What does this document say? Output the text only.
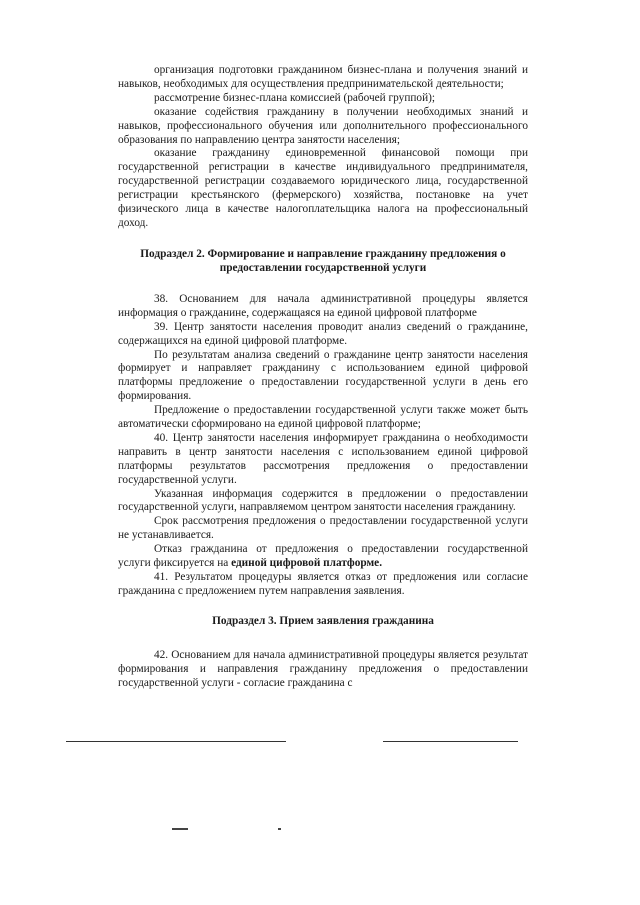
организация подготовки гражданином бизнес-плана и получения знаний и навыков, необходимых для осуществления предпринимательской деятельности;

рассмотрение бизнес-плана комиссией (рабочей группой);

оказание содействия гражданину в получении необходимых знаний и навыков, профессионального обучения или дополнительного профессионального образования по направлению центра занятости населения;

оказание гражданину единовременной финансовой помощи при государственной регистрации в качестве индивидуального предпринимателя, государственной регистрации создаваемого юридического лица, государственной регистрации крестьянского (фермерского) хозяйства, постановке на учет физического лица в качестве налогоплательщика налога на профессиональный доход.

Подраздел 2. Формирование и направление гражданину предложения о
предоставлении государственной услуги

38. Основанием для начала административной процедуры является информация о гражданине, содержащаяся на единой цифровой платформе

39. Центр занятости населения проводит анализ сведений о гражданине, содержащихся на единой цифровой платформе.

По результатам анализа сведений о гражданине центр занятости населения формирует и направляет гражданину с использованием единой цифровой платформы предложение о предоставлении государственной услуги в день его формирования.

Предложение о предоставлении государственной услуги также может быть автоматически сформировано на единой цифровой платформе;

40. Центр занятости населения информирует гражданина о необходимости направить в центр занятости населения с использованием единой цифровой платформы результатов рассмотрения предложения о предоставлении государственной услуги.

Указанная информация содержится в предложении о предоставлении государственной услуги, направляемом центром занятости населения гражданину.

Срок рассмотрения предложения о предоставлении государственной услуги не устанавливается.

Отказ гражданина от предложения о предоставлении государственной услуги фиксируется на единой цифровой платформе.

41. Результатом процедуры является отказ от предложения или согласие гражданина с предложением путем направления заявления.

Подраздел 3. Прием заявления гражданина

42. Основанием для начала административной процедуры является результат формирования и направления гражданину предложения о предоставлении государственной услуги - согласие гражданина с
